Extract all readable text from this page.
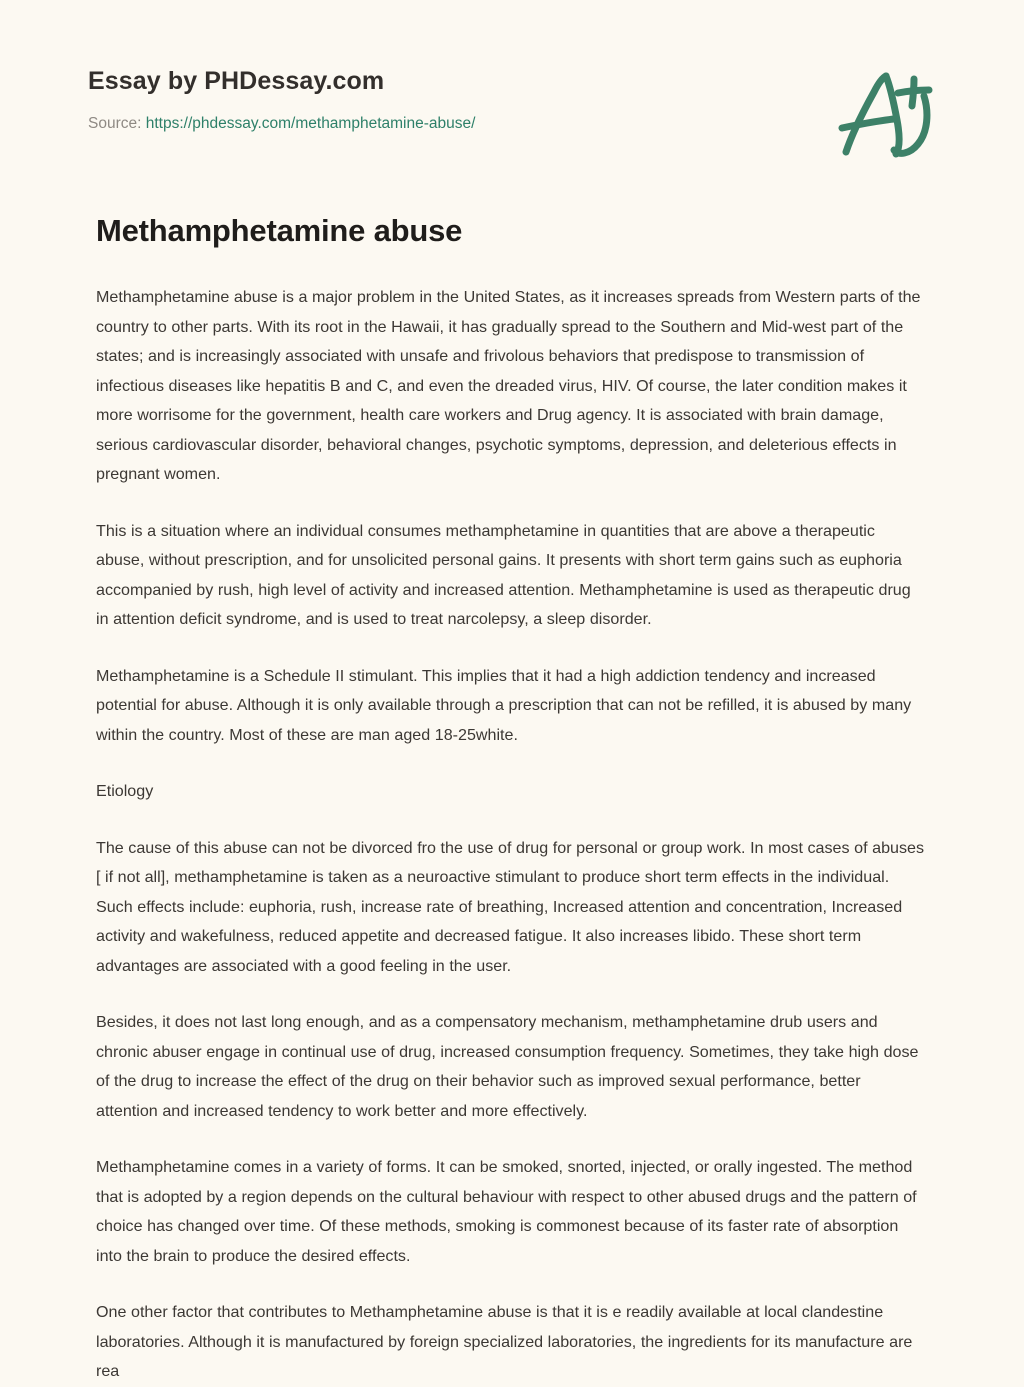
Essay by PHDessay.com
Source: https://phdessay.com/methamphetamine-abuse/
Methamphetamine abuse

Methamphetamine abuse is a major problem in the United States, as it increases spreads from Western parts of the country to other parts. With its root in the Hawaii, it has gradually spread to the Southern and Mid-west part of the states; and is increasingly associated with unsafe and frivolous behaviors that predispose to transmission of infectious diseases like hepatitis B and C, and even the dreaded virus, HIV. Of course, the later condition makes it more worrisome for the government, health care workers and Drug agency. It is associated with brain damage, serious cardiovascular disorder, behavioral changes, psychotic symptoms, depression, and deleterious effects in pregnant women.

This is a situation where an individual consumes methamphetamine in quantities that are above a therapeutic abuse, without prescription, and for unsolicited personal gains. It presents with short term gains such as euphoria accompanied by rush, high level of activity and increased attention. Methamphetamine is used as therapeutic drug in attention deficit syndrome, and is used to treat narcolepsy, a sleep disorder.

Methamphetamine is a Schedule II stimulant. This implies that it had a high addiction tendency and increased potential for abuse. Although it is only available through a prescription that can not be refilled, it is abused by many within the country. Most of these are man aged 18-25white.

Etiology

The cause of this abuse can not be divorced fro the use of drug for personal or group work. In most cases of abuses [ if not all], methamphetamine is taken as a neuroactive stimulant to produce short term effects in the individual. Such effects include: euphoria, rush, increase rate of breathing, Increased attention and concentration, Increased activity and wakefulness, reduced appetite and decreased fatigue. It also increases libido. These short term advantages are associated with a good feeling in the user.

Besides, it does not last long enough, and as a compensatory mechanism, methamphetamine drub users and chronic abuser engage in continual use of drug, increased consumption frequency. Sometimes, they take high dose of the drug to increase the effect of the drug on their behavior such as improved sexual performance, better attention and increased tendency to work better and more effectively.

Methamphetamine comes in a variety of forms. It can be smoked, snorted, injected, or orally ingested. The method that is adopted by a region depends on the cultural behaviour with respect to other abused drugs and the pattern of choice has changed over time. Of these methods, smoking is commonest because of its faster rate of absorption into the brain to produce the desired effects.

One other factor that contributes to Methamphetamine abuse is that it is e readily available at local clandestine laboratories. Although it is manufactured by foreign specialized laboratories, the ingredients for its manufacture are rea
